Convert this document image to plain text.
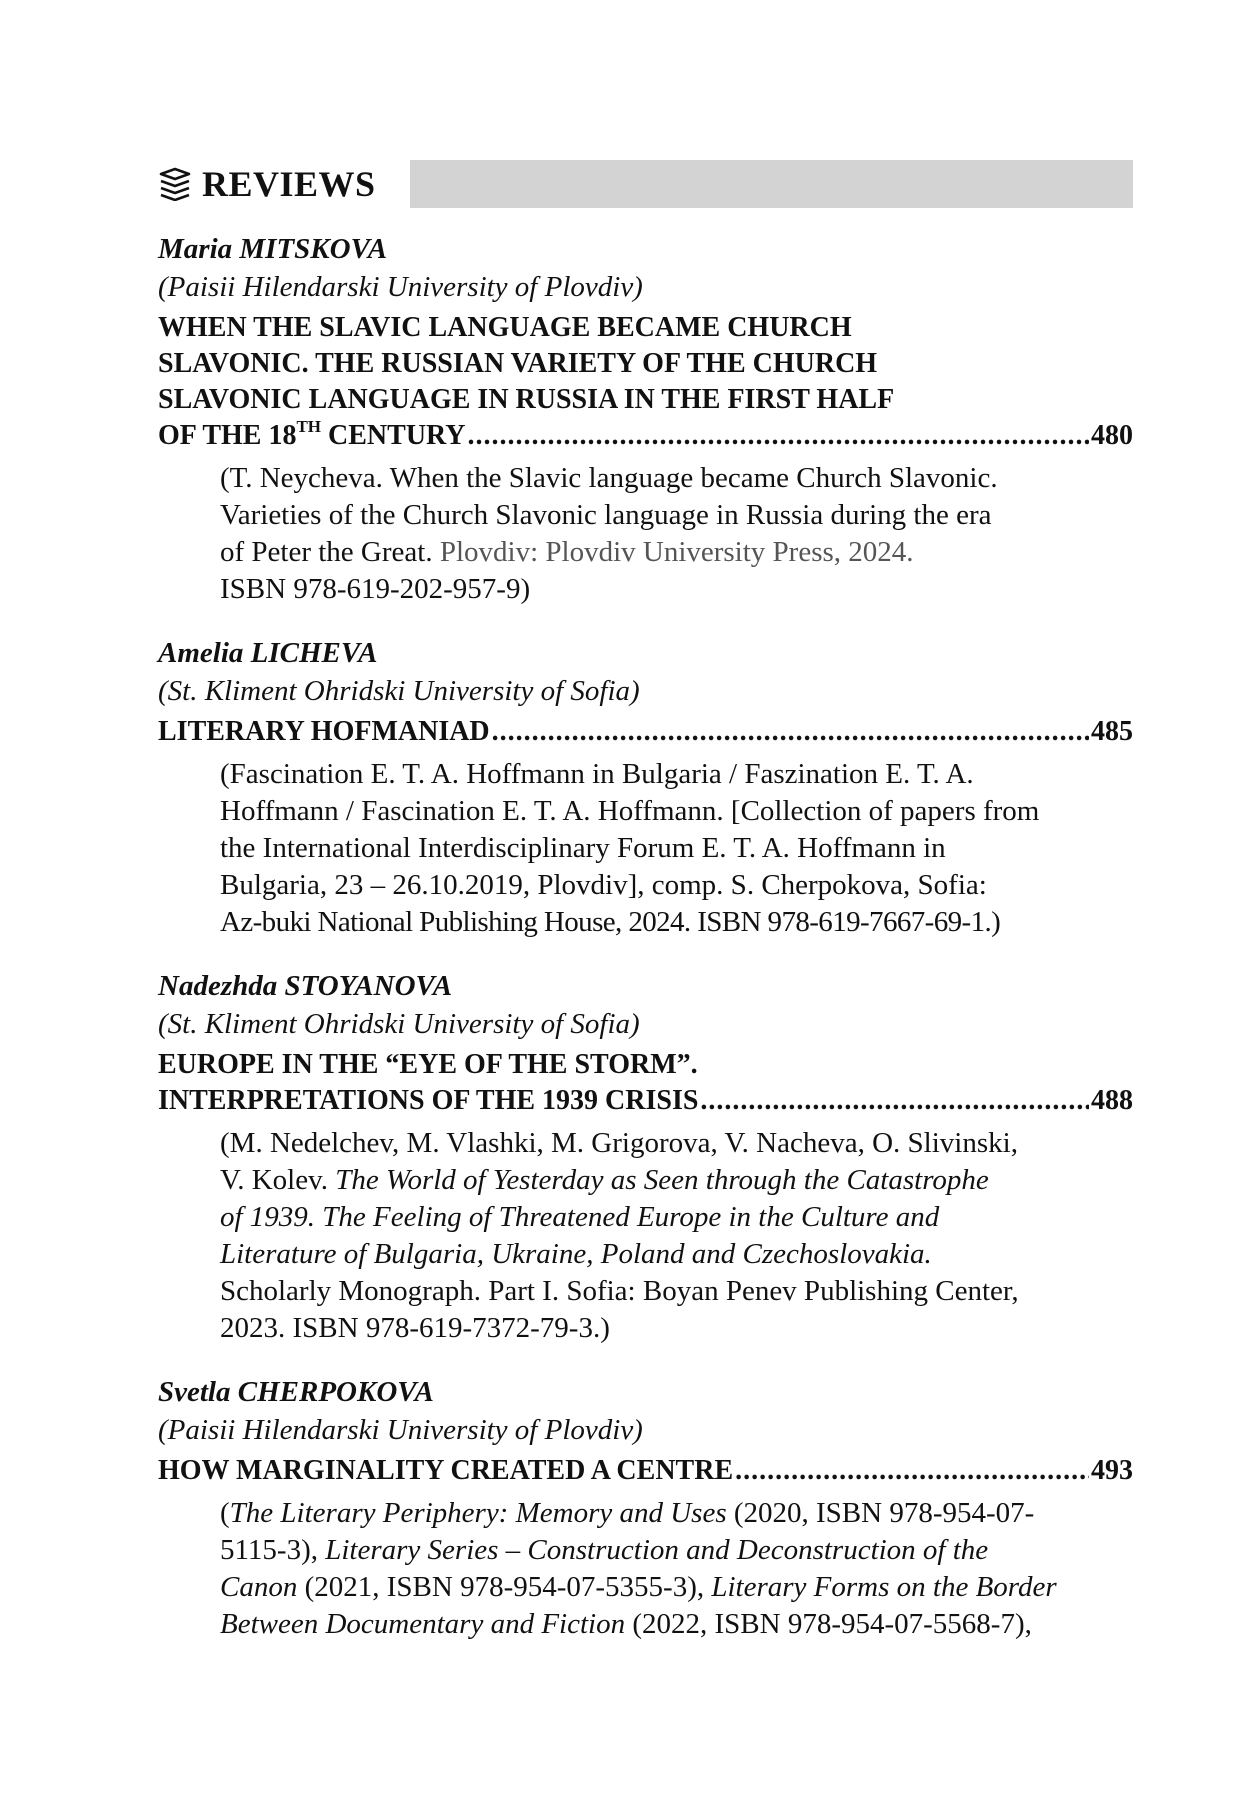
REVIEWS
Maria MITSKOVA
(Paisii Hilendarski University of Plovdiv)
WHEN THE SLAVIC LANGUAGE BECAME CHURCH
SLAVONIC. THE RUSSIAN VARIETY OF THE CHURCH
SLAVONIC LANGUAGE IN RUSSIA IN THE FIRST HALF
OF THE 18TH CENTURY .....	480
(T. Neycheva. When the Slavic language became Church Slavonic.
Varieties of the Church Slavonic language in Russia during the era
of Peter the Great. Plovdiv: Plovdiv University Press, 2024.
ISBN 978-619-202-957-9)
Amelia LICHEVA
(St. Kliment Ohridski University of Sofia)
LITERARY HOFMANIAD .....	485
(Fascination E. T. A. Hoffmann in Bulgaria / Faszination E. T. A.
Hoffmann / Fascination E. T. A. Hoffmann. [Collection of papers from
the International Interdisciplinary Forum E. T. A. Hoffmann in
Bulgaria, 23 – 26.10.2019, Plovdiv], comp. S. Cherpokova, Sofia:
Az-buki National Publishing House, 2024. ISBN 978-619-7667-69-1.)
Nadezhda STOYANOVA
(St. Kliment Ohridski University of Sofia)
EUROPE IN THE “EYE OF THE STORM”.
INTERPRETATIONS OF THE 1939 CRISIS .....	488
(M. Nedelchev, M. Vlashki, M. Grigorova, V. Nacheva, O. Slivinski,
V. Kolev. The World of Yesterday as Seen through the Catastrophe
of 1939. The Feeling of Threatened Europe in the Culture and
Literature of Bulgaria, Ukraine, Poland and Czechoslovakia.
Scholarly Monograph. Part I. Sofia: Boyan Penev Publishing Center,
2023. ISBN 978-619-7372-79-3.)
Svetla CHERPOKOVA
(Paisii Hilendarski University of Plovdiv)
HOW MARGINALITY CREATED A CENTRE .....	493
(The Literary Periphery: Memory and Uses (2020, ISBN 978-954-07-
5115-3), Literary Series – Construction and Deconstruction of the
Canon (2021, ISBN 978-954-07-5355-3), Literary Forms on the Border
Between Documentary and Fiction (2022, ISBN 978-954-07-5568-7),
